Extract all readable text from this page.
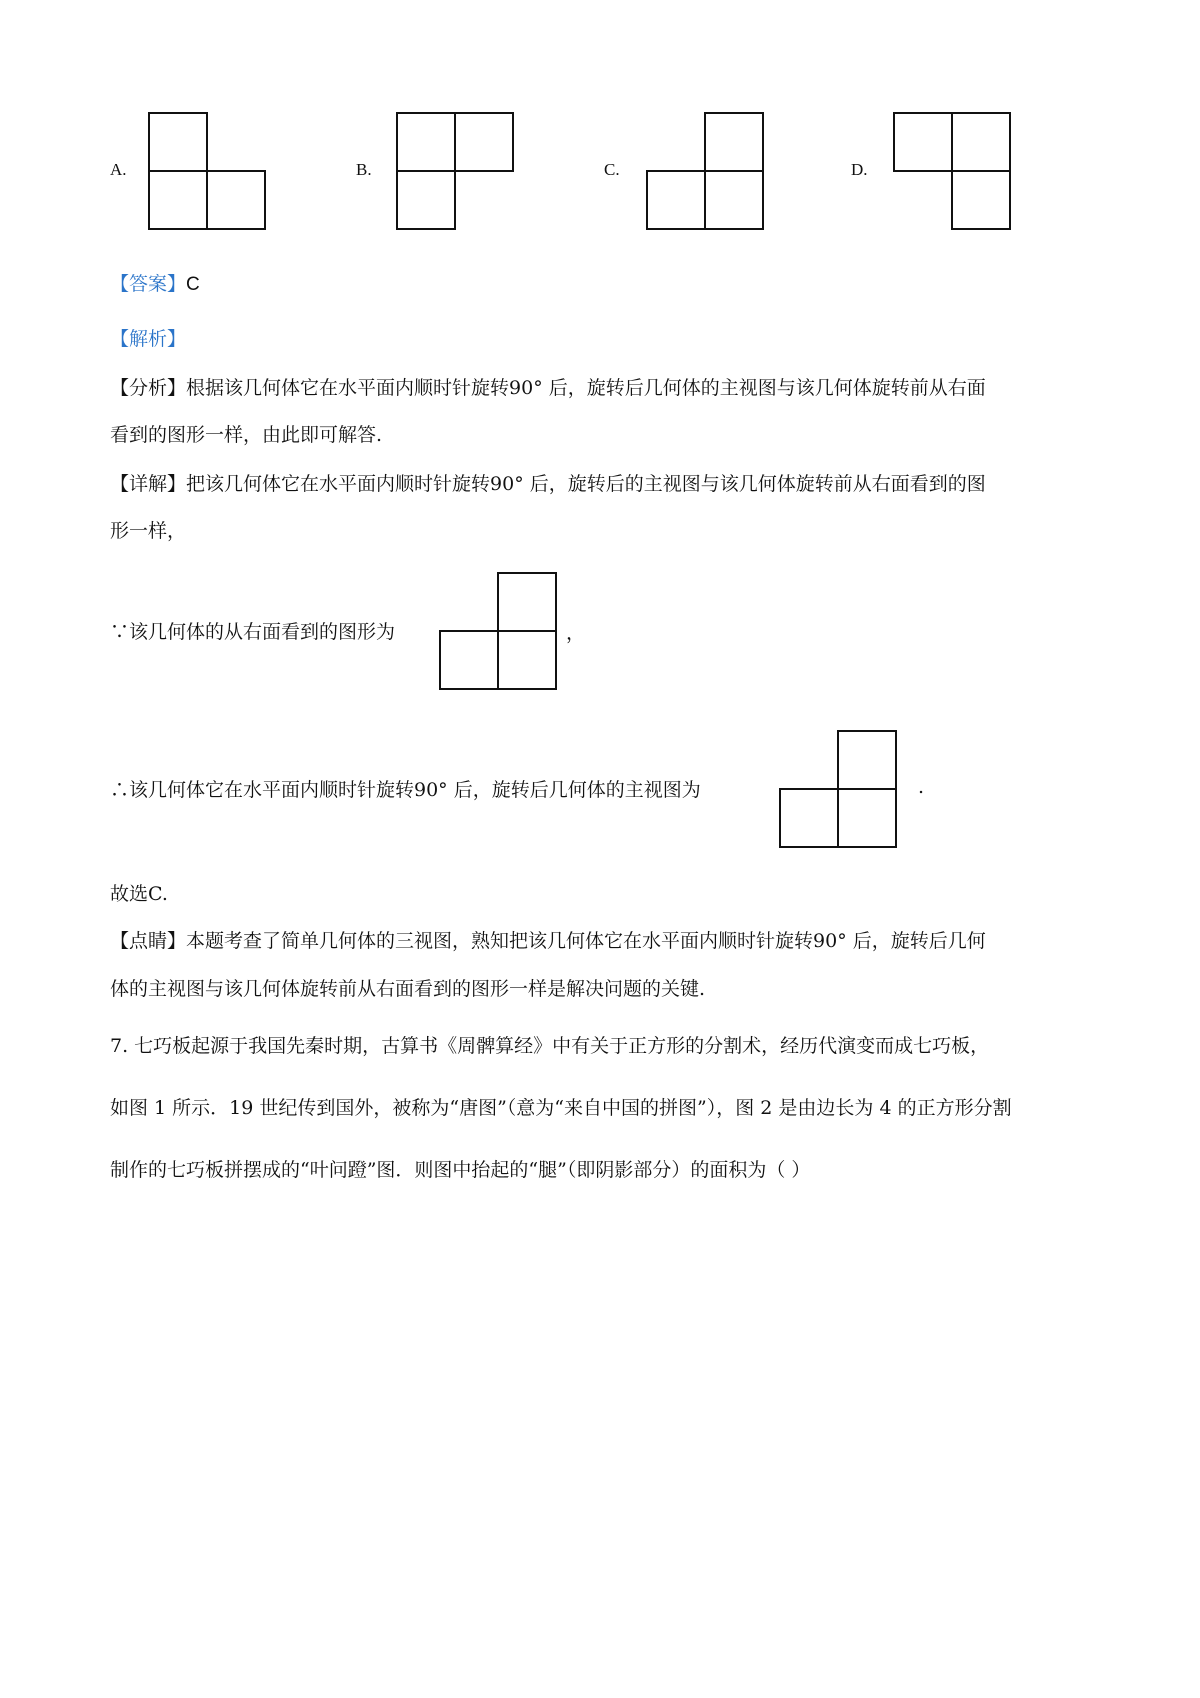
A.	B.	C.	D.
【答案】C
【解析】
【分析】根据该几何体它在水平面内顺时针旋转90° 后，旋转后几何体的主视图与该几何体旋转前从右面
看到的图形一样，由此即可解答.
【详解】把该几何体它在水平面内顺时针旋转90° 后，旋转后的主视图与该几何体旋转前从右面看到的图
形一样，
∵该几何体的从右面看到的图形为	，
∴该几何体它在水平面内顺时针旋转90° 后，旋转后几何体的主视图为	.
故选C.
【点睛】本题考查了简单几何体的三视图，熟知把该几何体它在水平面内顺时针旋转90° 后，旋转后几何
体的主视图与该几何体旋转前从右面看到的图形一样是解决问题的关键.
7. 七巧板起源于我国先秦时期，古算书《周髀算经》中有关于正方形的分割术，经历代演变而成七巧板，
如图 1 所示．19 世纪传到国外，被称为“唐图”（意为“来自中国的拼图”），图 2 是由边长为 4 的正方形分割
制作的七巧板拼摆成的“叶问蹬”图．则图中抬起的“腿”（即阴影部分）的面积为（ ）
